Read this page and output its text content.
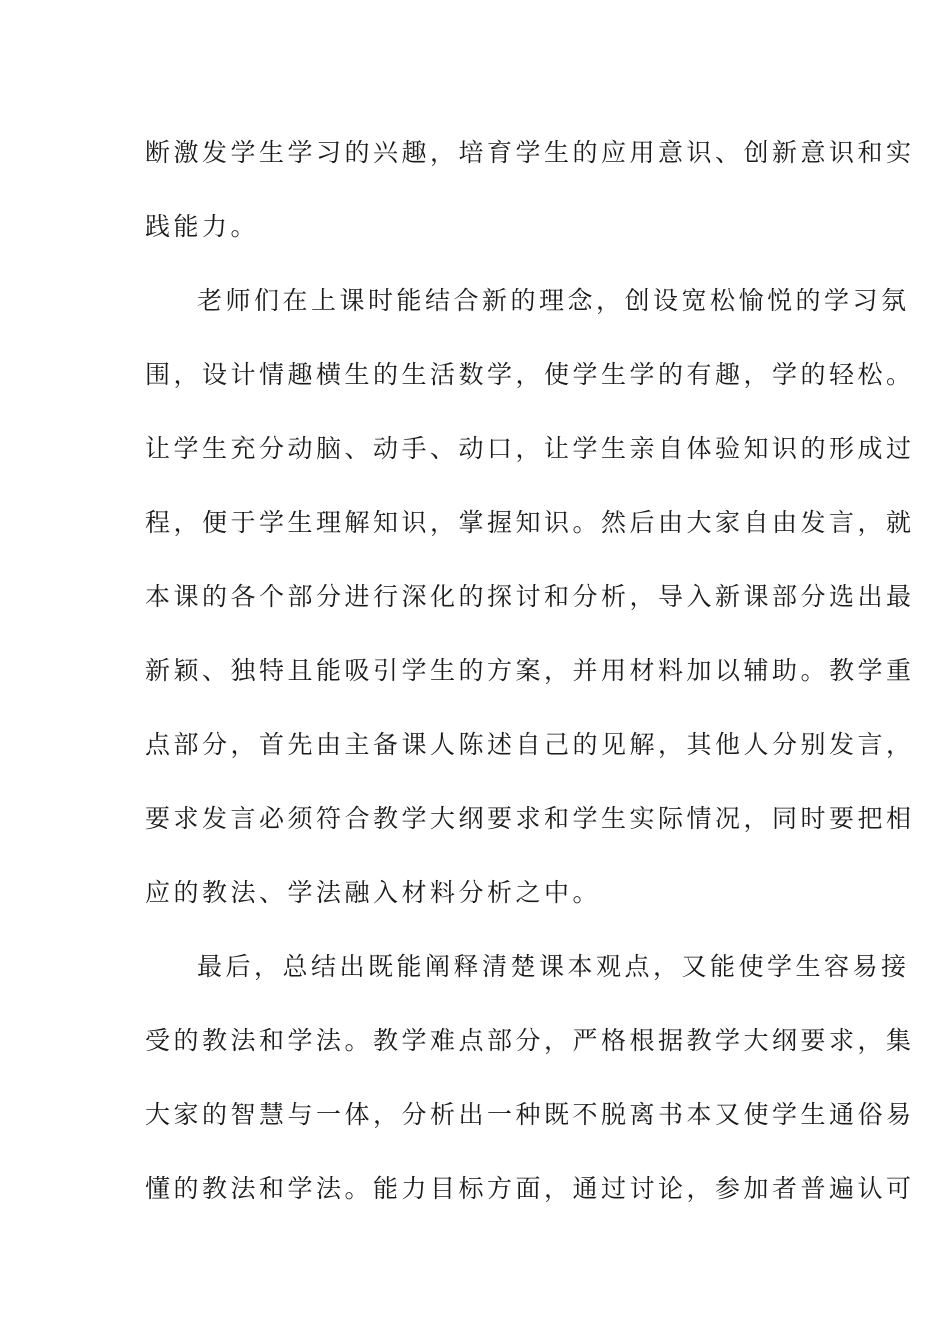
断激发学生学习的兴趣，培育学生的应用意识、创新意识和实
践能力。
老师们在上课时能结合新的理念，创设宽松愉悦的学习氛
围，设计情趣横生的生活数学，使学生学的有趣，学的轻松。
让学生充分动脑、动手、动口，让学生亲自体验知识的形成过
程，便于学生理解知识，掌握知识。然后由大家自由发言，就
本课的各个部分进行深化的探讨和分析，导入新课部分选出最
新颖、独特且能吸引学生的方案，并用材料加以辅助。教学重
点部分，首先由主备课人陈述自己的见解，其他人分别发言，
要求发言必须符合教学大纲要求和学生实际情况，同时要把相
应的教法、学法融入材料分析之中。
最后，总结出既能阐释清楚课本观点，又能使学生容易接
受的教法和学法。教学难点部分，严格根据教学大纲要求，集
大家的智慧与一体，分析出一种既不脱离书本又使学生通俗易
懂的教法和学法。能力目标方面，通过讨论，参加者普遍认可
